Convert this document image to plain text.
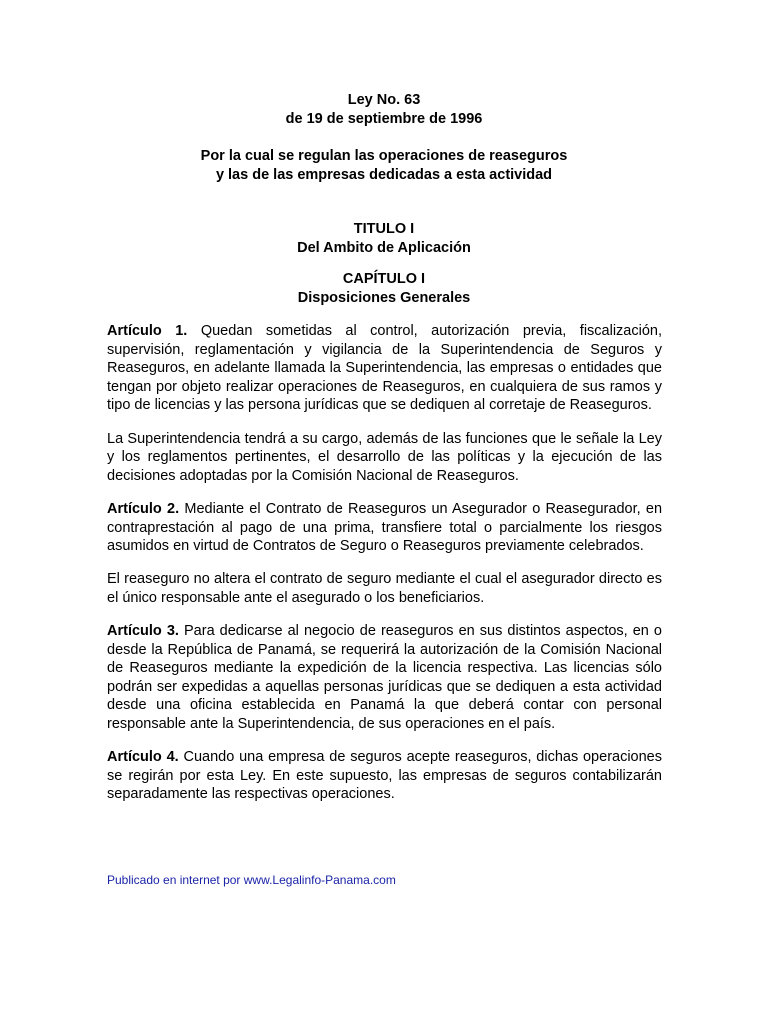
Ley No. 63
de 19 de septiembre de 1996
Por la cual se regulan las operaciones de reaseguros
y las de las empresas dedicadas a esta actividad
TITULO I
Del Ambito de Aplicación
CAPÍTULO I
Disposiciones Generales

Artículo 1. Quedan sometidas al control, autorización previa, fiscalización, supervisión, reglamentación y vigilancia de la Superintendencia de Seguros y Reaseguros, en adelante llamada la Superintendencia, las empresas o entidades que tengan por objeto realizar operaciones de Reaseguros, en cualquiera de sus ramos y tipo de licencias y las persona jurídicas que se dediquen al corretaje de Reaseguros.

La Superintendencia tendrá a su cargo, además de las funciones que le señale la Ley y los reglamentos pertinentes, el desarrollo de las políticas y la ejecución de las decisiones adoptadas por la Comisión Nacional de Reaseguros.

Artículo 2. Mediante el Contrato de Reaseguros un Asegurador o Reasegurador, en contraprestación al pago de una prima, transfiere total o parcialmente los riesgos asumidos en virtud de Contratos de Seguro o Reaseguros previamente celebrados.

El reaseguro no altera el contrato de seguro mediante el cual el asegurador directo es el único responsable ante el asegurado o los beneficiarios.

Artículo 3. Para dedicarse al negocio de reaseguros en sus distintos aspectos, en o desde la República de Panamá, se requerirá la autorización de la Comisión Nacional de Reaseguros mediante la expedición de la licencia respectiva. Las licencias sólo podrán ser expedidas a aquellas personas jurídicas que se dediquen a esta actividad desde una oficina establecida en Panamá la que deberá contar con personal responsable ante la Superintendencia, de sus operaciones en el país.

Artículo 4. Cuando una empresa de seguros acepte reaseguros, dichas operaciones se regirán por esta Ley. En este supuesto, las empresas de seguros contabilizarán separadamente las respectivas operaciones.

Publicado en internet por www.Legalinfo-Panama.com
